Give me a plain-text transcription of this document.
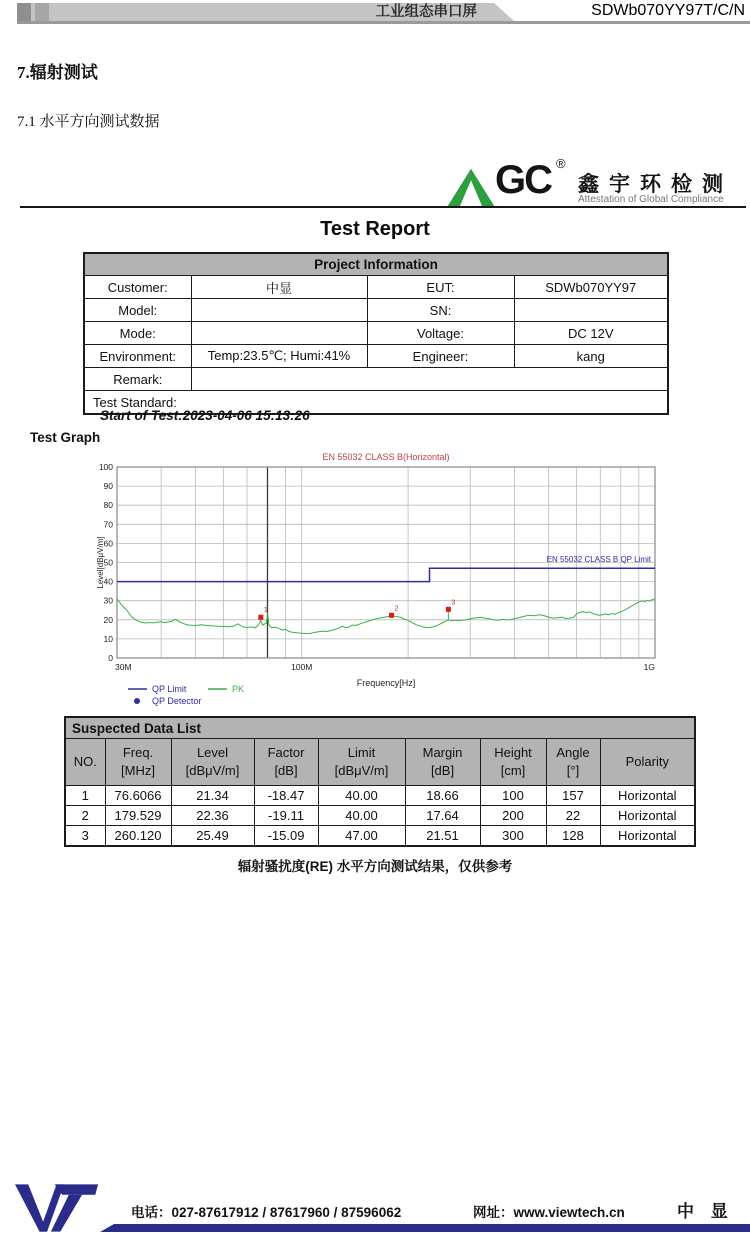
工业组态串口屏	SDWb070YY97T/C/N
7.辐射测试
7.1 水平方向测试数据
GC ®
鑫宇环检测
Attestation of Global Compliance
Test Report
Project Information			
Customer:	中显	EUT:	SDWb070YY97
Model:		SN:	
Mode:		Voltage:	DC 12V
Environment:	Temp:23.5℃; Humi:41%	Engineer:	kang
Remark:			
Test Standard:			
Start of Test:2023-04-06 15:13:26
Test Graph
0
10
20
30
40
50
60
70
80
90
100
30M	100M	1G
EN 55032 CLASS B(Horizontal)
Frequency[Hz]
Level[dBμV/m]	EN 55032 CLASS B QP Limit
1	2
3
QP Limit	PK
QP Detector
Suspected Data List								

NO.

Freq.
[MHz]

Level
[dBμV/m]

Factor
[dB]

Limit
[dBμV/m]

Margin
[dB]

Height
[cm]

Angle
[°]

Polarity

1	76.6066	21.34	-18.47	40.00	18.66	100	157	Horizontal
2	179.529	22.36	-19.11	40.00	17.64	200	22	Horizontal
3	260.120	25.49	-15.09	47.00	21.51	300	128	Horizontal
辐射骚扰度(RE) 水平方向测试结果，仅供参考
电话：027-87617912 / 87617960 / 87596062	网址：www.viewtech.cn	中 显
